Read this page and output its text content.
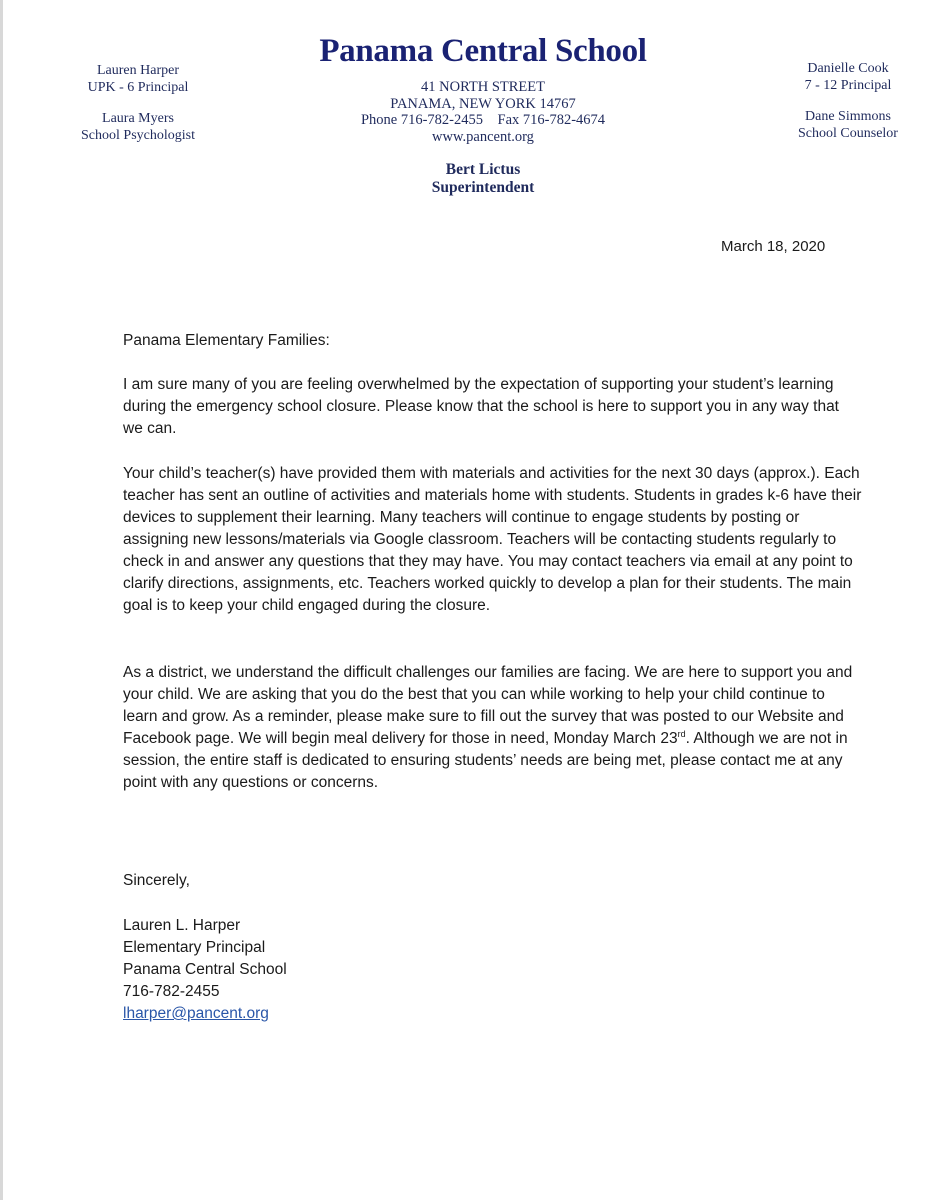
Lauren Harper
UPK - 6 Principal
Laura Myers
School Psychologist
Panama Central School
41 NORTH STREET
PANAMA, NEW YORK 14767
Phone 716-782-2455 Fax 716-782-4674
www.pancent.org
Bert Lictus
Superintendent
Danielle Cook
7 - 12 Principal
Dane Simmons
School Counselor
March 18, 2020
Panama Elementary Families:

I am sure many of you are feeling overwhelmed by the expectation of supporting your student’s learning during the emergency school closure. Please know that the school is here to support you in any way that we can.

Your child’s teacher(s) have provided them with materials and activities for the next 30 days (approx.). Each teacher has sent an outline of activities and materials home with students. Students in grades k-6 have their devices to supplement their learning. Many teachers will continue to engage students by posting or assigning new lessons/materials via Google classroom. Teachers will be contacting students regularly to check in and answer any questions that they may have. You may contact teachers via email at any point to clarify directions, assignments, etc. Teachers worked quickly to develop a plan for their students. The main goal is to keep your child engaged during the closure.

As a district, we understand the difficult challenges our families are facing. We are here to support you and your child. We are asking that you do the best that you can while working to help your child continue to learn and grow. As a reminder, please make sure to fill out the survey that was posted to our Website and Facebook page. We will begin meal delivery for those in need, Monday March 23rd. Although we are not in session, the entire staff is dedicated to ensuring students’ needs are being met, please contact me at any point with any questions or concerns.

Sincerely,
Lauren L. Harper
Elementary Principal
Panama Central School
716-782-2455
lharper@pancent.org
